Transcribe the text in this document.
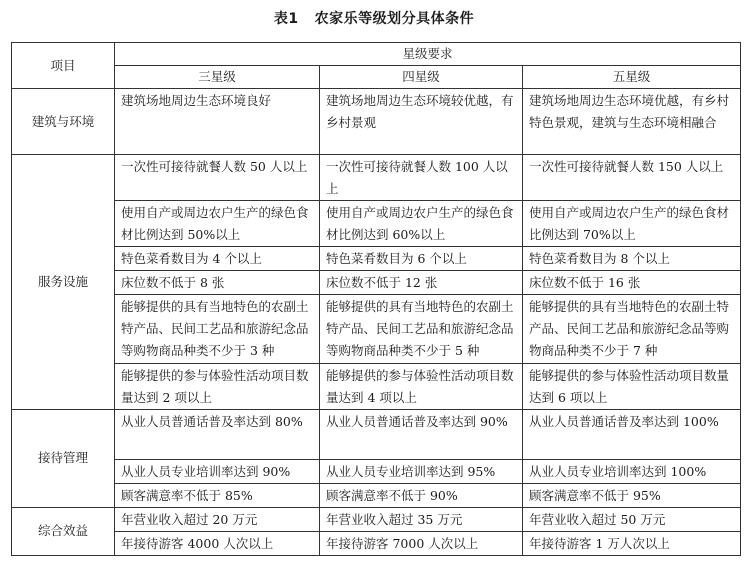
表1 农家乐等级划分具体条件
项目	星级要求		
	三星级	四星级	五星级
建筑与环境	建筑场地周边生态环境良好	建筑场地周边生态环境较优越，有乡村景观	建筑场地周边生态环境优越，有乡村特色景观，建筑与生态环境相融合
服务设施	一次性可接待就餐人数 50 人以上	一次性可接待就餐人数 100 人以上	一次性可接待就餐人数 150 人以上
	使用自产或周边农户生产的绿色食材比例达到 50%以上	使用自产或周边农户生产的绿色食材比例达到 60%以上	使用自产或周边农户生产的绿色食材比例达到 70%以上
	特色菜肴数目为 4 个以上	特色菜肴数目为 6 个以上	特色菜肴数目为 8 个以上
	床位数不低于 8 张	床位数不低于 12 张	床位数不低于 16 张
	能够提供的具有当地特色的农副土特产品、民间工艺品和旅游纪念品等购物商品种类不少于 3 种	能够提供的具有当地特色的农副土特产品、民间工艺品和旅游纪念品等购物商品种类不少于 5 种	能够提供的具有当地特色的农副土特产品、民间工艺品和旅游纪念品等购物商品种类不少于 7 种
	能够提供的参与体验性活动项目数量达到 2 项以上	能够提供的参与体验性活动项目数量达到 4 项以上	能够提供的参与体验性活动项目数量达到 6 项以上
接待管理	从业人员普通话普及率达到 80%	从业人员普通话普及率达到 90%	从业人员普通话普及率达到 100%
	从业人员专业培训率达到 90%	从业人员专业培训率达到 95%	从业人员专业培训率达到 100%
	顾客满意率不低于 85%	顾客满意率不低于 90%	顾客满意率不低于 95%
综合效益	年营业收入超过 20 万元	年营业收入超过 35 万元	年营业收入超过 50 万元
	年接待游客 4000 人次以上	年接待游客 7000 人次以上	年接待游客 1 万人次以上
